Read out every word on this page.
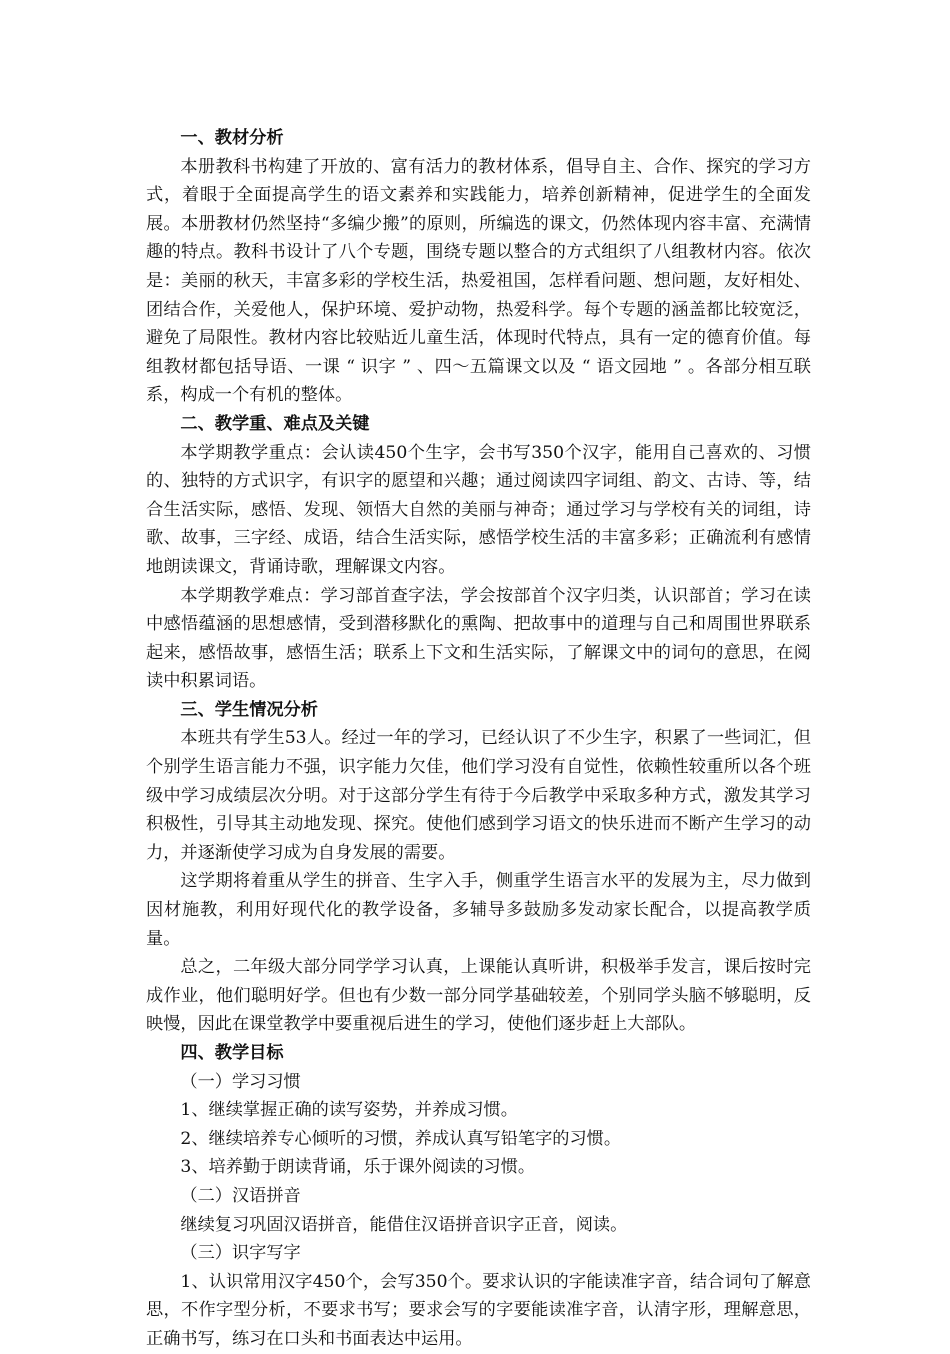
一、教材分析

本册教科书构建了开放的、富有活力的教材体系，倡导自主、合作、探究的学习方式，着眼于全面提高学生的语文素养和实践能力，培养创新精神，促进学生的全面发展。本册教材仍然坚持“多编少搬”的原则，所编选的课文，仍然体现内容丰富、充满情趣的特点。教科书设计了八个专题，围绕专题以整合的方式组织了八组教材内容。依次是：美丽的秋天，丰富多彩的学校生活，热爱祖国，怎样看问题、想问题，友好相处、团结合作，关爱他人，保护环境、爱护动物，热爱科学。每个专题的涵盖都比较宽泛，避免了局限性。教材内容比较贴近儿童生活，体现时代特点，具有一定的德育价值。每组教材都包括导语、一课 “ 识字 ” 、四～五篇课文以及 “ 语文园地 ” 。各部分相互联系，构成一个有机的整体。

二、教学重、难点及关键

本学期教学重点：会认读450个生字，会书写350个汉字，能用自己喜欢的、习惯的、独特的方式识字，有识字的愿望和兴趣；通过阅读四字词组、韵文、古诗、等，结合生活实际，感悟、发现、领悟大自然的美丽与神奇；通过学习与学校有关的词组，诗歌、故事，三字经、成语，结合生活实际，感悟学校生活的丰富多彩；正确流利有感情地朗读课文，背诵诗歌，理解课文内容。

本学期教学难点：学习部首查字法，学会按部首个汉字归类，认识部首；学习在读中感悟蕴涵的思想感情，受到潜移默化的熏陶、把故事中的道理与自己和周围世界联系起来，感悟故事，感悟生活；联系上下文和生活实际，了解课文中的词句的意思，在阅读中积累词语。

三、学生情况分析

本班共有学生53人。经过一年的学习，已经认识了不少生字，积累了一些词汇，但个别学生语言能力不强，识字能力欠佳，他们学习没有自觉性，依赖性较重所以各个班级中学习成绩层次分明。对于这部分学生有待于今后教学中采取多种方式，激发其学习积极性，引导其主动地发现、探究。使他们感到学习语文的快乐进而不断产生学习的动力，并逐渐使学习成为自身发展的需要。

这学期将着重从学生的拼音、生字入手，侧重学生语言水平的发展为主，尽力做到因材施教，利用好现代化的教学设备，多辅导多鼓励多发动家长配合，以提高教学质量。

总之，二年级大部分同学学习认真，上课能认真听讲，积极举手发言，课后按时完成作业，他们聪明好学。但也有少数一部分同学基础较差，个别同学头脑不够聪明，反映慢，因此在课堂教学中要重视后进生的学习，使他们逐步赶上大部队。

四、教学目标

（一）学习习惯

1、继续掌握正确的读写姿势，并养成习惯。

2、继续培养专心倾听的习惯，养成认真写铅笔字的习惯。

3、培养勤于朗读背诵，乐于课外阅读的习惯。

（二）汉语拼音

继续复习巩固汉语拼音，能借住汉语拼音识字正音，阅读。

（三）识字写字

1、认识常用汉字450个，会写350个。要求认识的字能读准字音，结合词句了解意思，不作字型分析，不要求书写；要求会写的字要能读准字音，认清字形，理解意思，正确书写，练习在口头和书面表达中运用。
